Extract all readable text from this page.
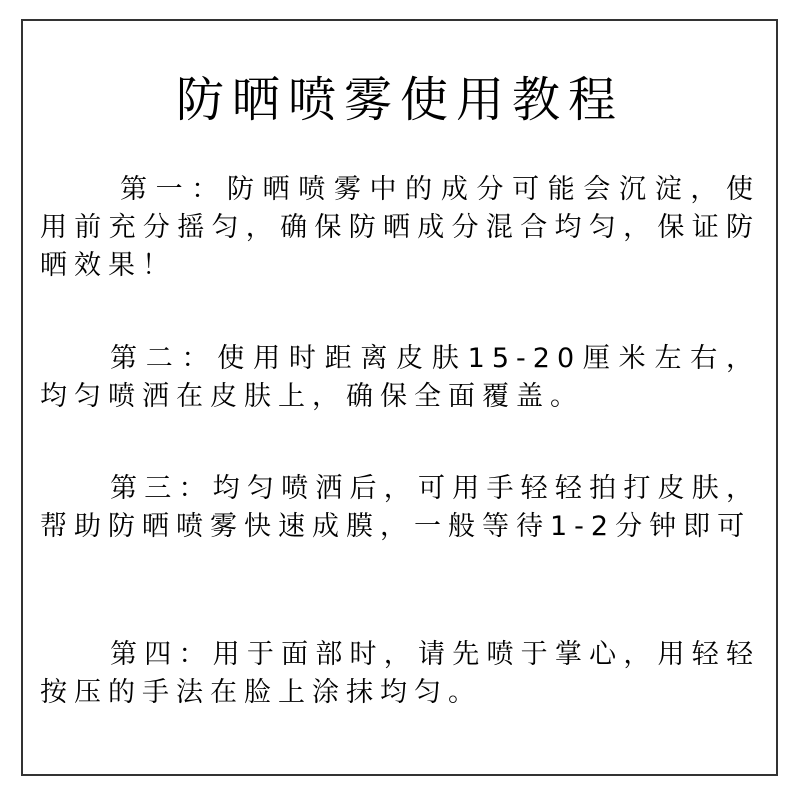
防晒喷雾使用教程

第一：防晒喷雾中的成分可能会沉淀，使用前充分摇匀，确保防晒成分混合均匀，保证防晒效果！

第二：使用时距离皮肤15-20厘米左右，均匀喷洒在皮肤上，确保全面覆盖。

第三：均匀喷洒后，可用手轻轻拍打皮肤，帮助防晒喷雾快速成膜，一般等待1-2分钟即可

第四：用于面部时，请先喷于掌心，用轻轻按压的手法在脸上涂抹均匀。
